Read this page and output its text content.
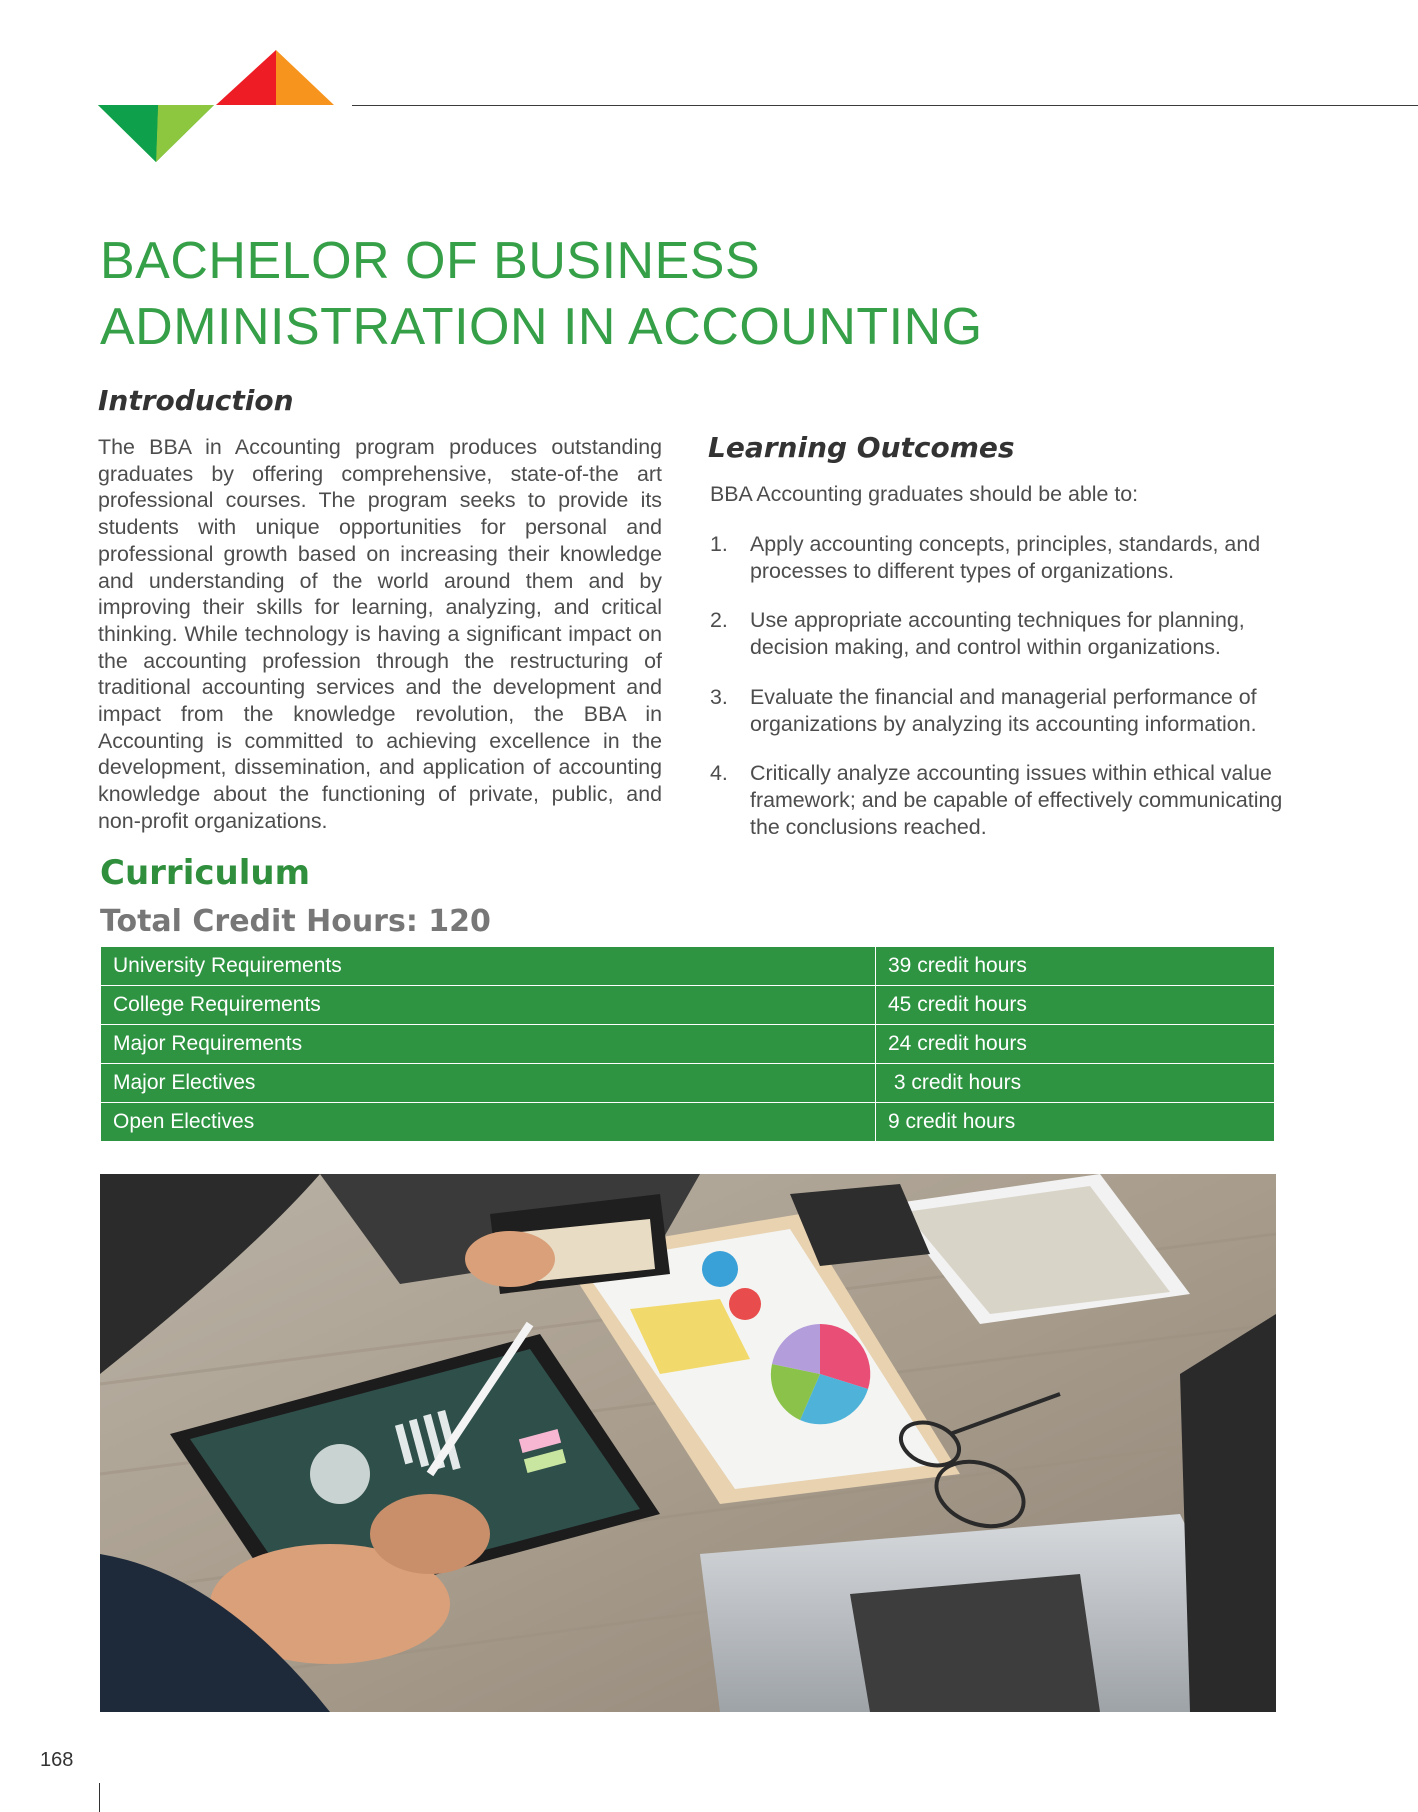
BACHELOR OF BUSINESS
ADMINISTRATION IN ACCOUNTING
Introduction

The BBA in Accounting program produces outstanding graduates by offering comprehensive, state-of-the art professional courses. The program seeks to provide its students with unique opportunities for personal and professional growth based on increasing their knowledge and understanding of the world around them and by improving their skills for learning, analyzing, and critical thinking. While technology is having a significant impact on the accounting profession through the restructuring of traditional accounting services and the development and impact from the knowledge revolution, the BBA in Accounting is committed to achieving excellence in the development, dissemination, and application of accounting knowledge about the functioning of private, public, and non-profit organizations.

Learning Outcomes
BBA Accounting graduates should be able to:
1. Apply accounting concepts, principles, standards, and processes to different types of organizations.
2. Use appropriate accounting techniques for planning, decision making, and control within organizations.
3. Evaluate the financial and managerial performance of organizations by analyzing its accounting information.
4. Critically analyze accounting issues within ethical value framework; and be capable of effectively communicating the conclusions reached.
Curriculum
Total Credit Hours: 120
University Requirements	39 credit hours
College Requirements	45 credit hours
Major Requirements	24 credit hours
Major Electives	3 credit hours
Open Electives	9 credit hours
168
